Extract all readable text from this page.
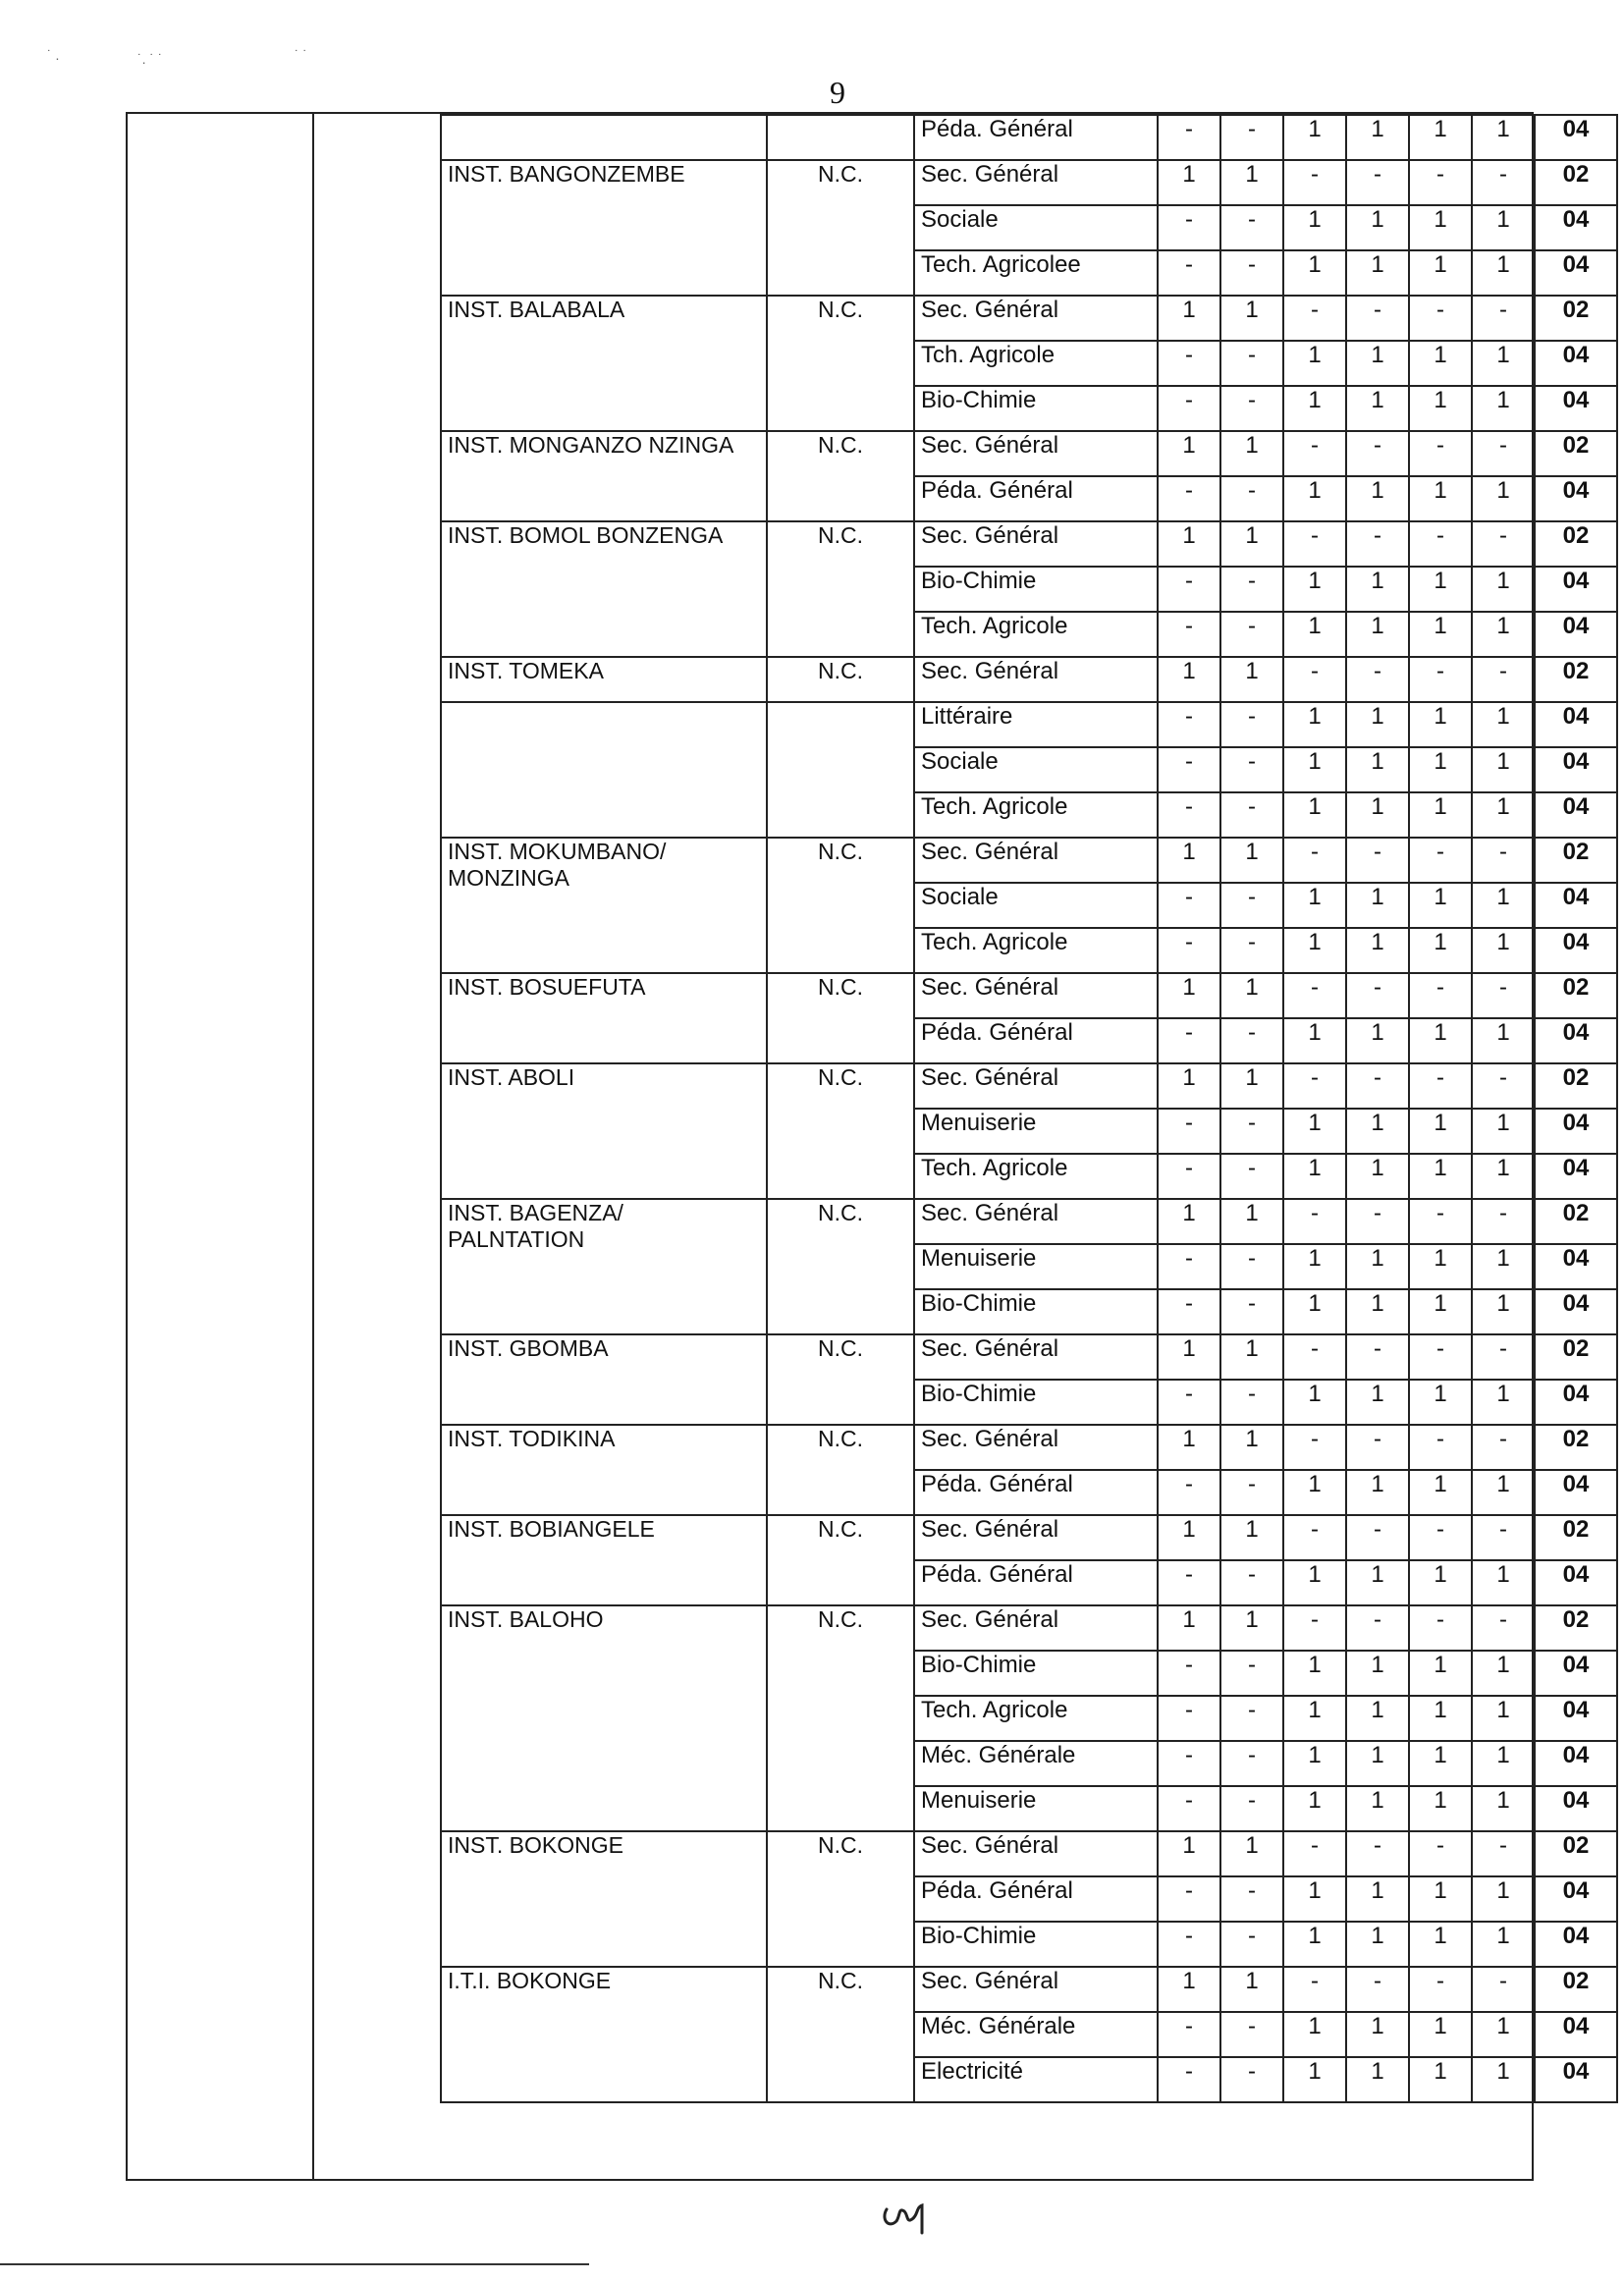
˙ .	˙. ˙ ˙	˙ ˙
9
		Péda. Général	-	-	1	1	1	1	04
INST. BANGONZEMBE	N.C.	Sec. Général	1	1	-	-	-	-	02
		Sociale	-	-	1	1	1	1	04
		Tech. Agricolee	-	-	1	1	1	1	04
INST. BALABALA	N.C.	Sec. Général	1	1	-	-	-	-	02
		Tch. Agricole	-	-	1	1	1	1	04
		Bio-Chimie	-	-	1	1	1	1	04
INST. MONGANZO NZINGA	N.C.	Sec. Général	1	1	-	-	-	-	02
		Péda. Général	-	-	1	1	1	1	04
INST. BOMOL BONZENGA	N.C.	Sec. Général	1	1	-	-	-	-	02
		Bio-Chimie	-	-	1	1	1	1	04
		Tech. Agricole	-	-	1	1	1	1	04
INST. TOMEKA	N.C.	Sec. Général	1	1	-	-	-	-	02
		Littéraire	-	-	1	1	1	1	04
		Sociale	-	-	1	1	1	1	04
		Tech. Agricole	-	-	1	1	1	1	04
INST. MOKUMBANO/ MONZINGA	N.C.	Sec. Général	1	1	-	-	-	-	02
		Sociale	-	-	1	1	1	1	04
		Tech. Agricole	-	-	1	1	1	1	04
INST. BOSUEFUTA	N.C.	Sec. Général	1	1	-	-	-	-	02
		Péda. Général	-	-	1	1	1	1	04
INST. ABOLI	N.C.	Sec. Général	1	1	-	-	-	-	02
		Menuiserie	-	-	1	1	1	1	04
		Tech. Agricole	-	-	1	1	1	1	04
INST. BAGENZA/ PALNTATION	N.C.	Sec. Général	1	1	-	-	-	-	02
		Menuiserie	-	-	1	1	1	1	04
		Bio-Chimie	-	-	1	1	1	1	04
INST. GBOMBA	N.C.	Sec. Général	1	1	-	-	-	-	02
		Bio-Chimie	-	-	1	1	1	1	04
INST. TODIKINA	N.C.	Sec. Général	1	1	-	-	-	-	02
		Péda. Général	-	-	1	1	1	1	04
INST. BOBIANGELE	N.C.	Sec. Général	1	1	-	-	-	-	02
		Péda. Général	-	-	1	1	1	1	04
INST. BALOHO	N.C.	Sec. Général	1	1	-	-	-	-	02
		Bio-Chimie	-	-	1	1	1	1	04
		Tech. Agricole	-	-	1	1	1	1	04
		Méc. Générale	-	-	1	1	1	1	04
		Menuiserie	-	-	1	1	1	1	04
INST. BOKONGE	N.C.	Sec. Général	1	1	-	-	-	-	02
		Péda. Général	-	-	1	1	1	1	04
		Bio-Chimie	-	-	1	1	1	1	04
I.T.I. BOKONGE	N.C.	Sec. Général	1	1	-	-	-	-	02
		Méc. Générale	-	-	1	1	1	1	04
		Electricité	-	-	1	1	1	1	04
